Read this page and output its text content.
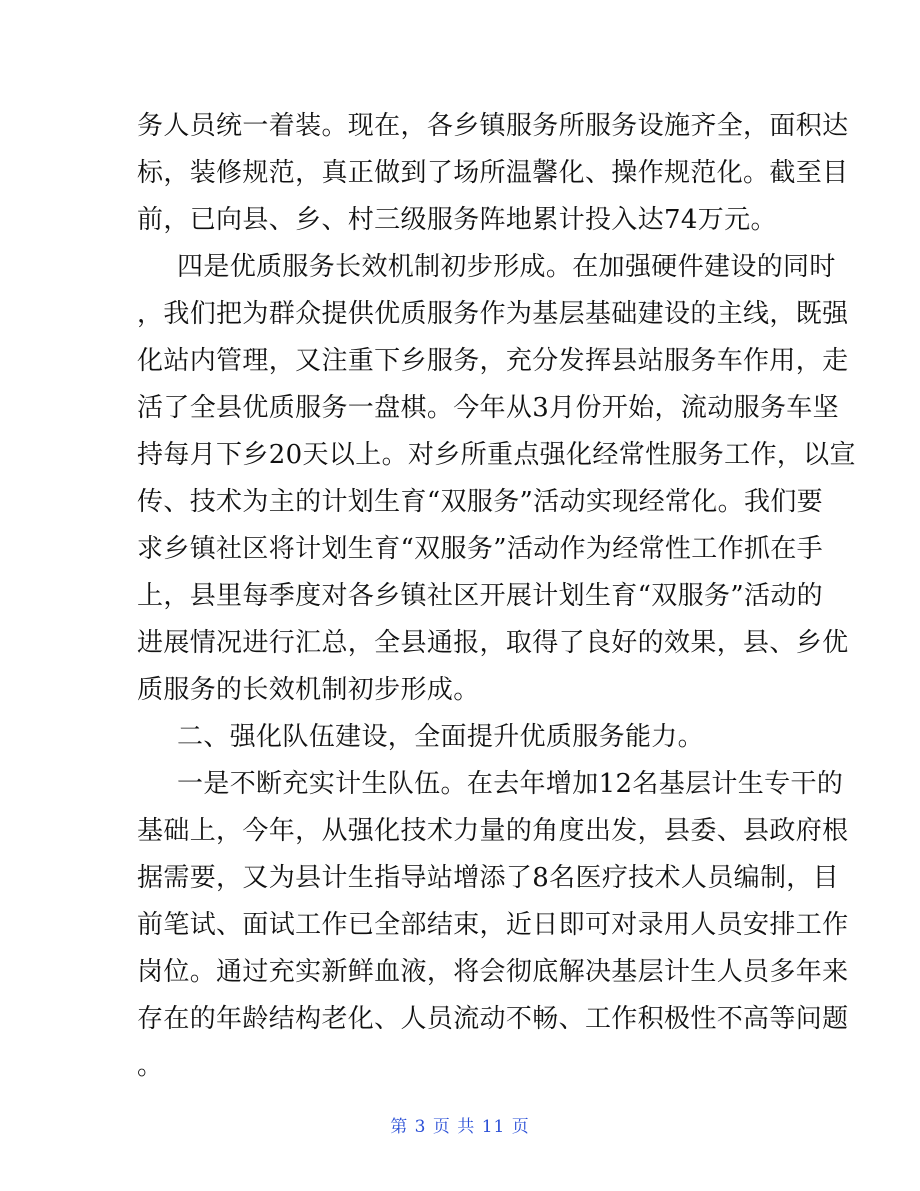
务人员统一着装。现在，各乡镇服务所服务设施齐全，面积达
标，装修规范，真正做到了场所温馨化、操作规范化。截至目
前，已向县、乡、村三级服务阵地累计投入达74万元。
四是优质服务长效机制初步形成。在加强硬件建设的同时
，我们把为群众提供优质服务作为基层基础建设的主线，既强
化站内管理，又注重下乡服务，充分发挥县站服务车作用，走
活了全县优质服务一盘棋。今年从3月份开始，流动服务车坚
持每月下乡20天以上。对乡所重点强化经常性服务工作，以宣
传、技术为主的计划生育“双服务”活动实现经常化。我们要
求乡镇社区将计划生育“双服务”活动作为经常性工作抓在手
上，县里每季度对各乡镇社区开展计划生育“双服务”活动的
进展情况进行汇总，全县通报，取得了良好的效果，县、乡优
质服务的长效机制初步形成。
二、强化队伍建设，全面提升优质服务能力。
一是不断充实计生队伍。在去年增加12名基层计生专干的
基础上，今年，从强化技术力量的角度出发，县委、县政府根
据需要，又为县计生指导站增添了8名医疗技术人员编制，目
前笔试、面试工作已全部结束，近日即可对录用人员安排工作
岗位。通过充实新鲜血液，将会彻底解决基层计生人员多年来
存在的年龄结构老化、人员流动不畅、工作积极性不高等问题
。
第 3 页 共 11 页
